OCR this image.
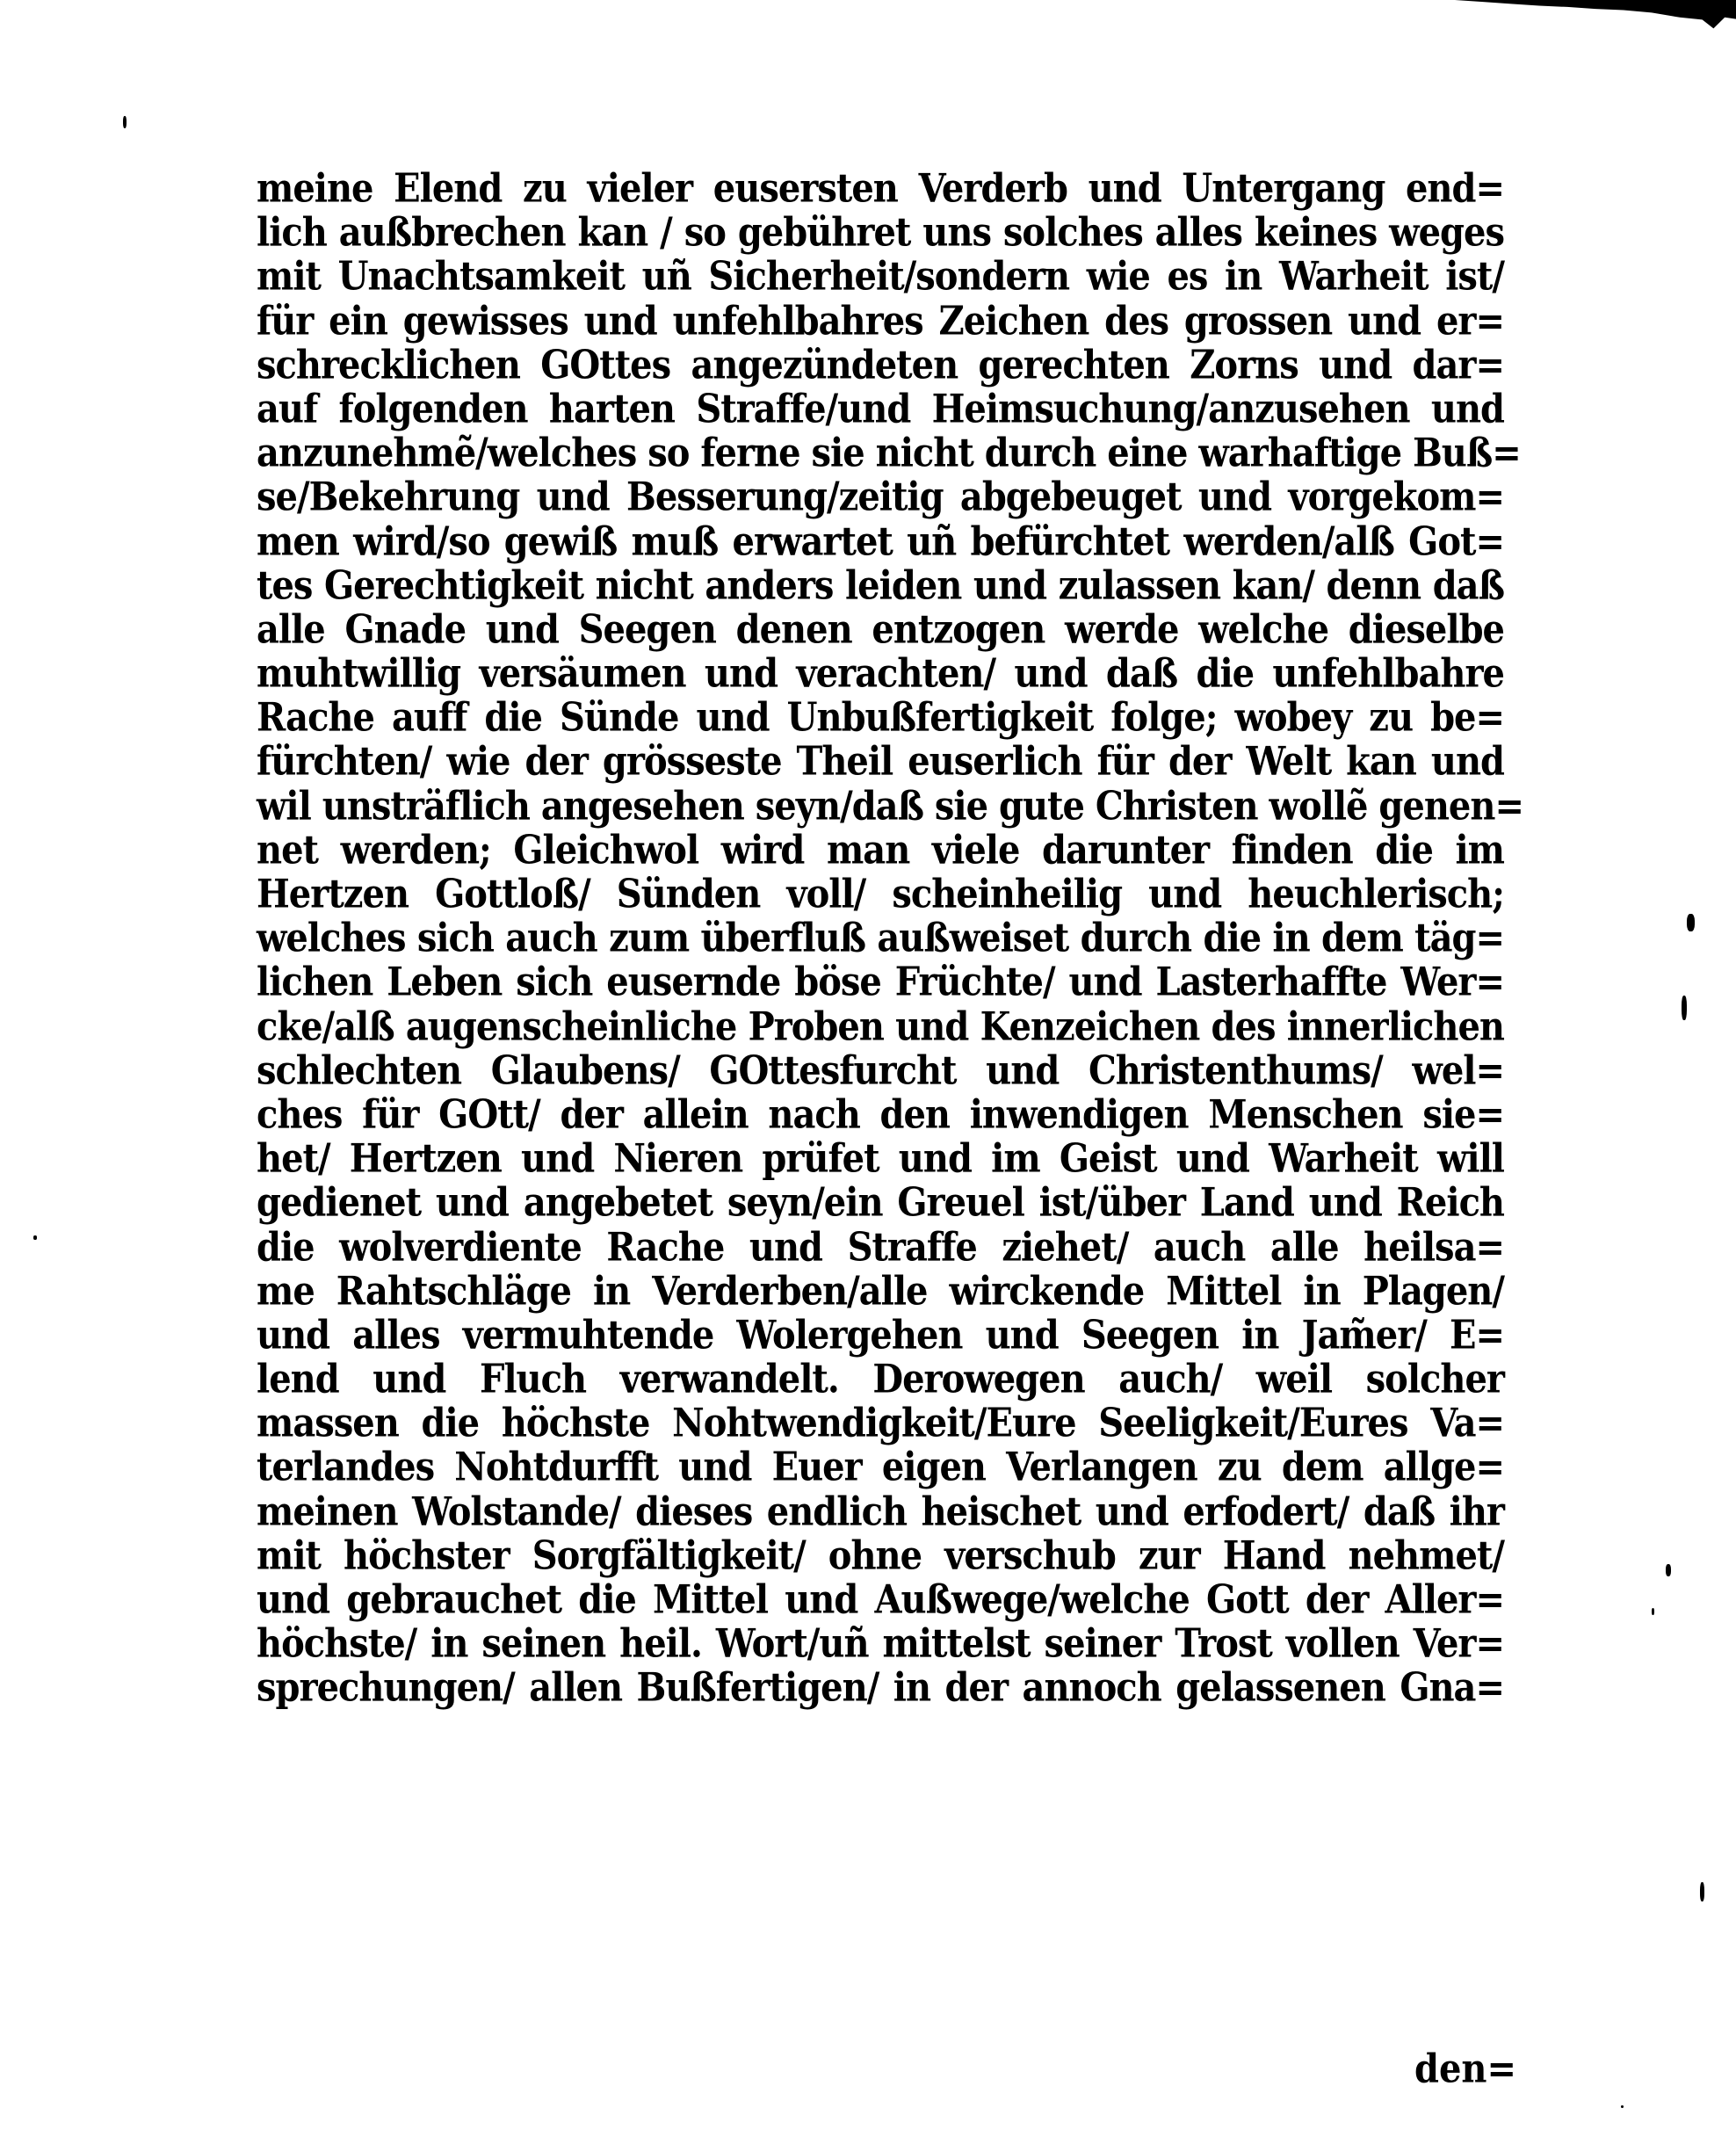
meine Elend zu vieler eusersten Verderb und Untergang end=
lich außbrechen kan / so gebühret uns solches alles keines weges
mit Unachtsamkeit uñ Sicherheit/sondern wie es in Warheit ist/
für ein gewisses und unfehlbahres Zeichen des grossen und er=
schrecklichen GOttes angezündeten gerechten Zorns und dar=
auf folgenden harten Straffe/und Heimsuchung/anzusehen und
anzunehmẽ/welches so ferne sie nicht durch eine warhaftige Buß=
se/Bekehrung und Besserung/zeitig abgebeuget und vorgekom=
men wird/so gewiß muß erwartet uñ befürchtet werden/alß Got=
tes Gerechtigkeit nicht anders leiden und zulassen kan/ denn daß
alle Gnade und Seegen denen entzogen werde welche dieselbe
muhtwillig versäumen und verachten/ und daß die unfehlbahre
Rache auff die Sünde und Unbußfertigkeit folge; wobey zu be=
fürchten/ wie der grösseste Theil euserlich für der Welt kan und
wil unsträflich angesehen seyn/daß sie gute Christen wollẽ genen=
net werden; Gleichwol wird man viele darunter finden die im
Hertzen Gottloß/ Sünden voll/ scheinheilig und heuchlerisch;
welches sich auch zum überfluß außweiset durch die in dem täg=
lichen Leben sich eusernde böse Früchte/ und Lasterhaffte Wer=
cke/alß augenscheinliche Proben und Kenzeichen des innerlichen
schlechten Glaubens/ GOttesfurcht und Christenthums/ wel=
ches für GOtt/ der allein nach den inwendigen Menschen sie=
het/ Hertzen und Nieren prüfet und im Geist und Warheit will
gedienet und angebetet seyn/ein Greuel ist/über Land und Reich
die wolverdiente Rache und Straffe ziehet/ auch alle heilsa=
me Rahtschläge in Verderben/alle wirckende Mittel in Plagen/
und alles vermuhtende Wolergehen und Seegen in Jam̃er/ E=
lend und Fluch verwandelt. Derowegen auch/ weil solcher
massen die höchste Nohtwendigkeit/Eure Seeligkeit/Eures Va=
terlandes Nohtdurfft und Euer eigen Verlangen zu dem allge=
meinen Wolstande/ dieses endlich heischet und erfodert/ daß ihr
mit höchster Sorgfältigkeit/ ohne verschub zur Hand nehmet/
und gebrauchet die Mittel und Außwege/welche Gott der Aller=
höchste/ in seinen heil. Wort/uñ mittelst seiner Trost vollen Ver=
sprechungen/ allen Bußfertigen/ in der annoch gelassenen Gna=
den=
